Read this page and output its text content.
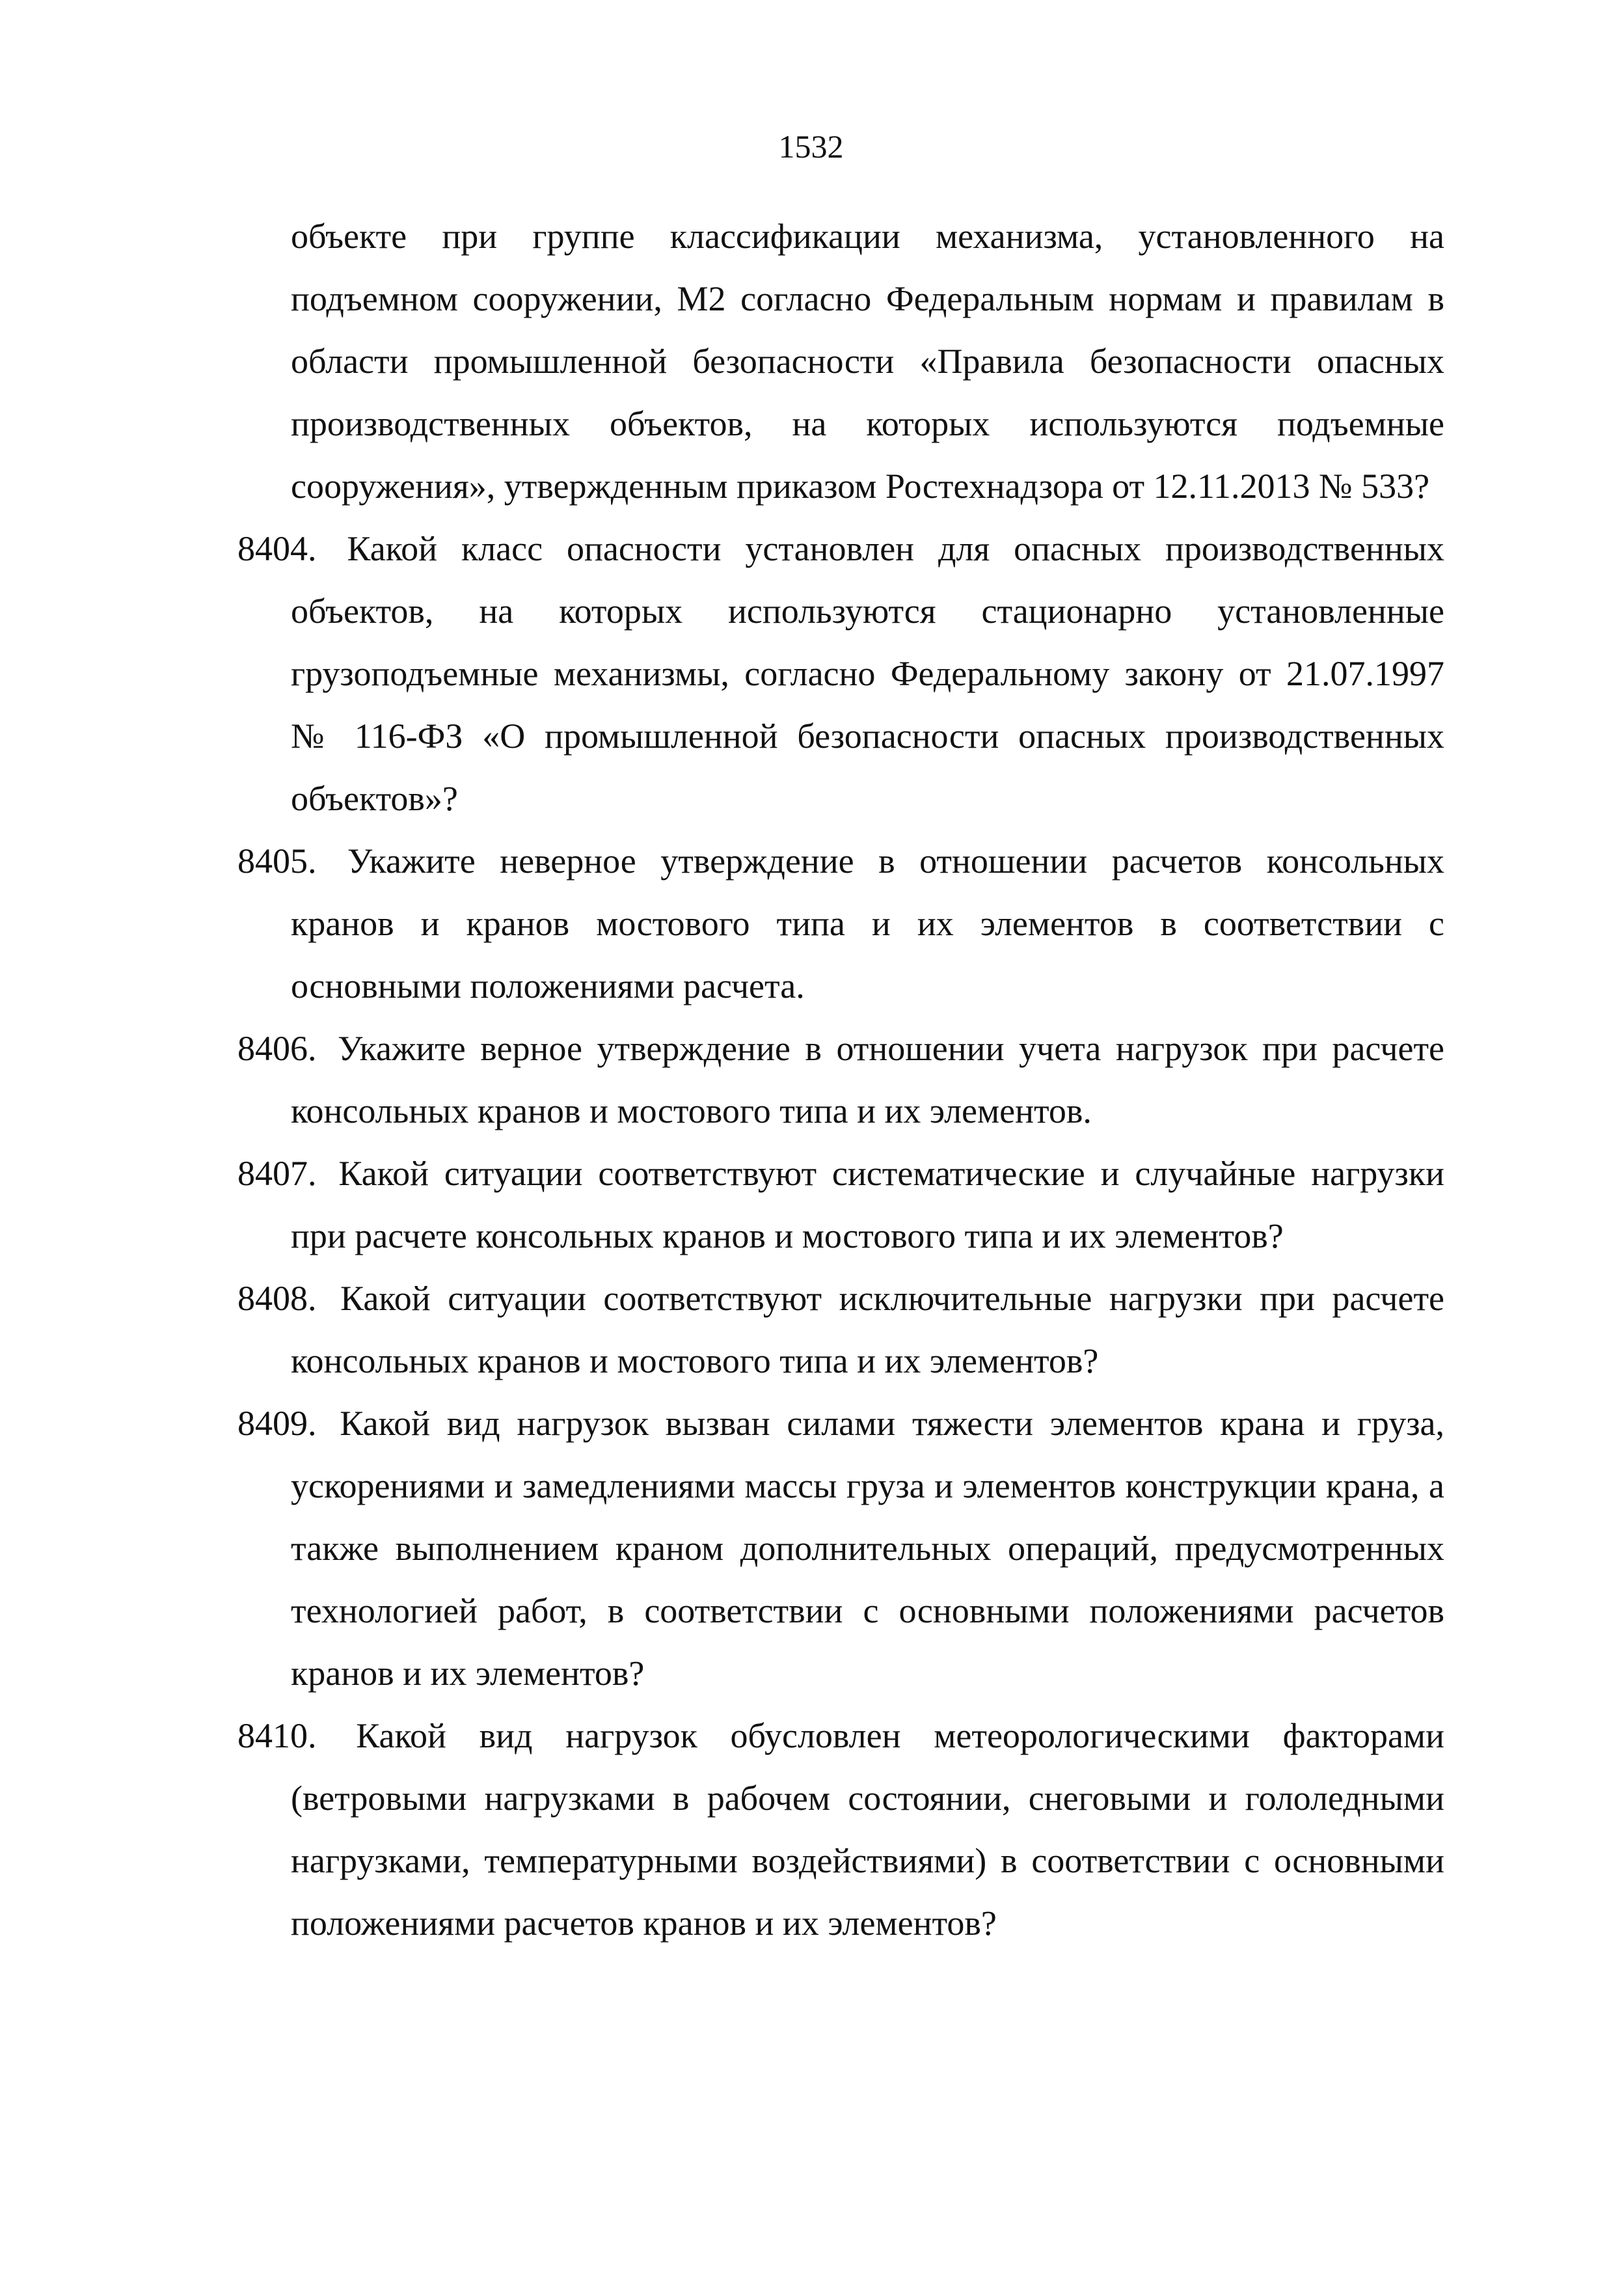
1532

объекте при группе классификации механизма, установленного на подъемном сооружении, М2 согласно Федеральным нормам и правилам в области промышленной безопасности «Правила безопасности опасных производственных объектов, на которых используются подъемные сооружения», утвержденным приказом Ростехнадзора от 12.11.2013 № 533?

8404. Какой класс опасности установлен для опасных производственных

объектов, на которых используются стационарно установленные грузоподъемные механизмы, согласно Федеральному закону от 21.07.1997 № 116-ФЗ «О промышленной безопасности опасных производственных объектов»?

8405. Укажите неверное утверждение в отношении расчетов консольных

кранов и кранов мостового типа и их элементов в соответствии с основными положениями расчета.

8406. Укажите верное утверждение в отношении учета нагрузок при расчете

консольных кранов и мостового типа и их элементов.

8407. Какой ситуации соответствуют систематические и случайные нагрузки

при расчете консольных кранов и мостового типа и их элементов?

8408. Какой ситуации соответствуют исключительные нагрузки при расчете

консольных кранов и мостового типа и их элементов?

8409. Какой вид нагрузок вызван силами тяжести элементов крана и груза,

ускорениями и замедлениями массы груза и элементов конструкции крана, а также выполнением краном дополнительных операций, предусмотренных технологией работ, в соответствии с основными положениями расчетов кранов и их элементов?

8410. Какой вид нагрузок обусловлен метеорологическими факторами

(ветровыми нагрузками в рабочем состоянии, снеговыми и гололедными нагрузками, температурными воздействиями) в соответствии с основными положениями расчетов кранов и их элементов?
